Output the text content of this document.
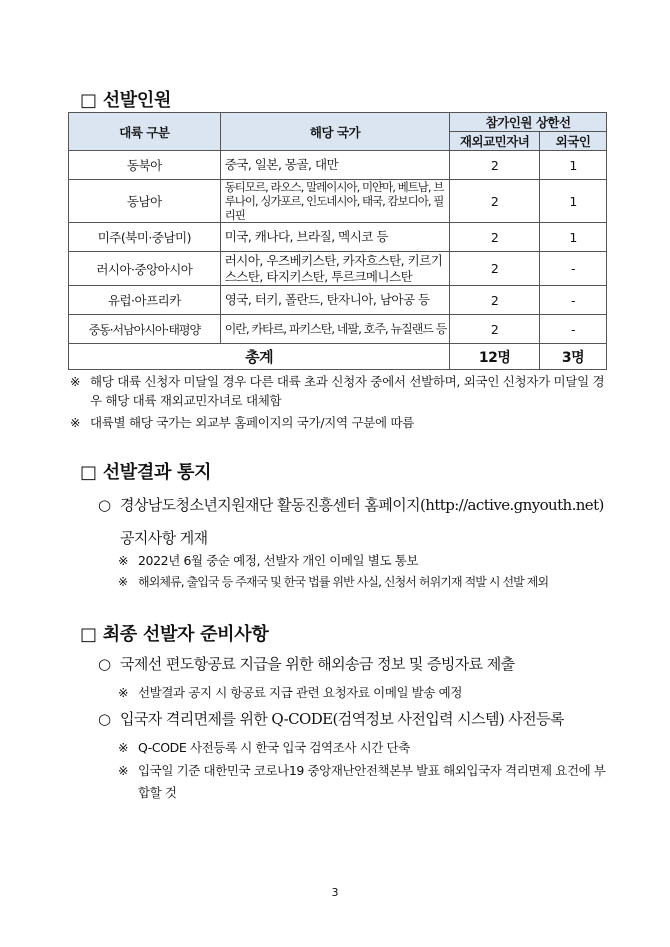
□ 선발인원
대륙 구분	해당 국가	참가인원 상한선	
		재외교민자녀	외국인
동북아	중국, 일본, 몽골, 대만	2	1
동남아	동티모르, 라오스, 말레이시아, 미얀마, 베트남, 브루나이, 싱가포르, 인도네시아, 태국, 캄보디아, 필리핀	2	1
미주(북미·중남미)	미국, 캐나다, 브라질, 멕시코 등	2	1
러시아·중앙아시아	러시아, 우즈베키스탄, 카자흐스탄, 키르기스스탄, 타지키스탄, 투르크메니스탄	2	-
유럽·아프리카	영국, 터키, 폴란드, 탄자니아, 남아공 등	2	-
중동·서남아시아·태평양	이란, 카타르, 파키스탄, 네팔, 호주, 뉴질랜드 등	2	-
총계		12명	3명
※ 해당 대륙 신청자 미달일 경우 다른 대륙 초과 신청자 중에서 선발하며, 외국인 신청자가 미달일 경우 해당 대륙 재외교민자녀로 대체함
※ 대륙별 해당 국가는 외교부 홈페이지의 국가/지역 구분에 따름
□ 선발결과 통지
○ 경상남도청소년지원재단 활동진흥센터 홈페이지(http://active.gnyouth.net) 공지사항 게재
※ 2022년 6월 중순 예정, 선발자 개인 이메일 별도 통보
※ 해외체류, 출입국 등 주재국 및 한국 법률 위반 사실, 신청서 허위기재 적발 시 선발 제외
□ 최종 선발자 준비사항
○ 국제선 편도항공료 지급을 위한 해외송금 정보 및 증빙자료 제출
※ 선발결과 공지 시 항공료 지급 관련 요청자료 이메일 발송 예정
○ 입국자 격리면제를 위한 Q-CODE(검역정보 사전입력 시스템) 사전등록
※ Q-CODE 사전등록 시 한국 입국 검역조사 시간 단축
※ 입국일 기준 대한민국 코로나19 중앙재난안전책본부 발표 해외입국자 격리면제 요건에 부합할 것
3
